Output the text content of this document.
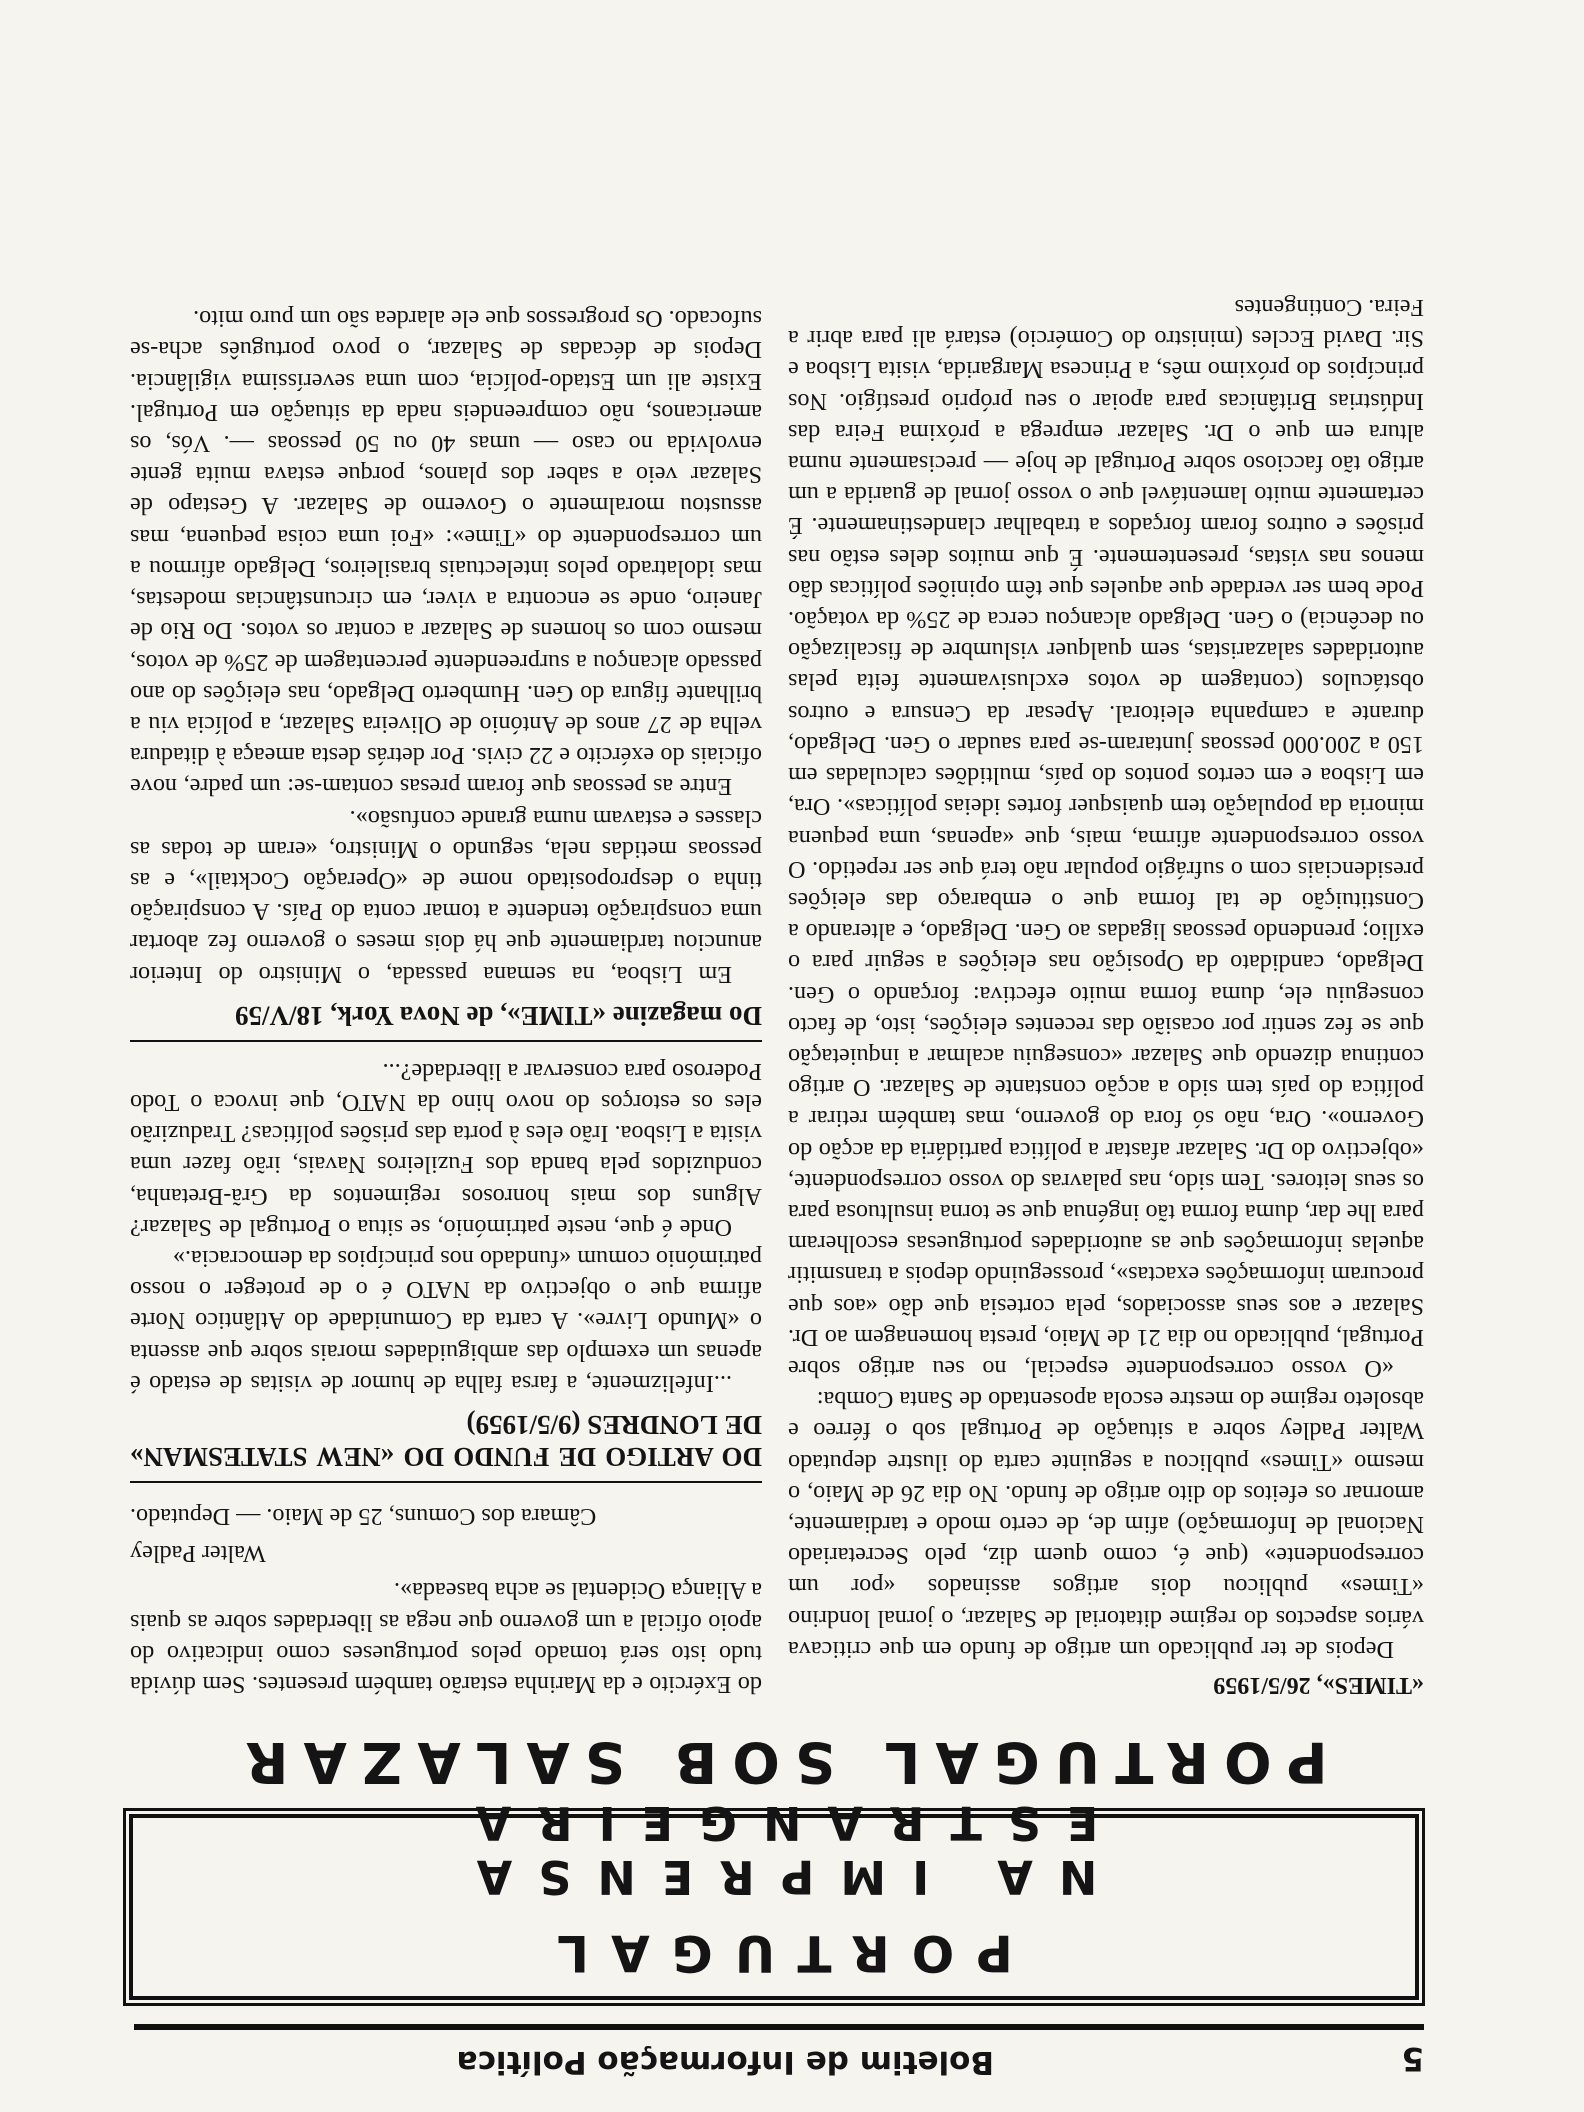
5
Boletim de Informação Política
PORTUGAL
NA IMPRENSA ESTRANGEIRA
PORTUGAL SOB SALAZAR

«TIMES», 26/5/1959

Depois de ter publicado um artigo de fundo em que criticava vários aspectos do regime ditatorial de Salazar, o jornal londrino «Times» publicou dois artigos assinados «por um correspondente» (que é, como quem diz, pelo Secretariado Nacional de Informação) afim de, de certo modo e tardiamente, amornar os efeitos do dito artigo de fundo. No dia 26 de Maio, o mesmo «Times» publicou a seguinte carta do ilustre deputado Walter Padley sobre a situação de Portugal sob o férreo e absoleto regime do mestre escola aposentado de Santa Comba:

«O vosso correspondente especial, no seu artigo sobre Portugal, publicado no dia 21 de Maio, presta homenagem ao Dr. Salazar e aos seus associados, pela cortesia que dão «aos que procuram informações exactas», prosseguindo depois a transmitir aquelas informações que as autoridades portuguesas escolheram para lhe dar, duma forma tão ingénua que se torna insultuosa para os seus leitores. Tem sido, nas palavras do vosso correspondente, «objectivo do Dr. Salazar afastar a política partidária da acção do Governo». Ora, não só fora do governo, mas também retirar a política do país tem sido a acção constante de Salazar. O artigo continua dizendo que Salazar «conseguiu acalmar a inquietação que se fez sentir por ocasião das recentes eleições, isto, de facto conseguiu ele, duma forma muito efectiva: forçando o Gen. Delgado, candidato da Oposição nas eleições a seguir para o exílio; prendendo pessoas ligadas ao Gen. Delgado, e alterando a Constituição de tal forma que o embaraço das eleições presidenciais com o sufrágio popular não terá que ser repetido. O vosso correspondente afirma, mais, que «apenas, uma pequena minoria da população tem quaisquer fortes ideias políticas». Ora, em Lisboa e em certos pontos do país, multidões calculadas em 150 a 200.000 pessoas juntaram-se para saudar o Gen. Delgado, durante a campanha eleitoral. Apesar da Censura e outros obstáculos (contagem de votos exclusivamente feita pelas autoridades salazaristas, sem qualquer vislumbre de fiscalização ou decência) o Gen. Delgado alcançou cerca de 25% da votação. Pode bem ser verdade que aqueles que têm opiniões políticas dão menos nas vistas, presentemente. É que muitos deles estão nas prisões e outros foram forçados a trabalhar clandestinamente. É certamente muito lamentável que o vosso jornal de guarida a um artigo tão faccioso sobre Portugal de hoje — precisamente numa altura em que o Dr. Salazar emprega a próxima Feira das Indústrias Britânicas para apoiar o seu próprio prestígio. Nos princípios do próximo mês, a Princesa Margarida, visita Lisboa e Sir. David Eccles (ministro do Comércio) estará ali para abrir a Feira. Contingentes

do Exército e da Marinha estarão também presentes. Sem dúvida tudo isto será tomado pelos portugueses como indicativo do apoio oficial a um governo que nega as liberdades sobre as quais a Aliança Ocidental se acha baseada».

Walter Padley

Câmara dos Comuns, 25 de Maio. — Deputado.

DO ARTIGO DE FUNDO DO «NEW STATESMAN» DE LONDRES (9/5/1959)

...Infelizmente, a farsa falha de humor de visitas de estado é apenas um exemplo das ambiguidades morais sobre que assenta o «Mundo Livre». A carta da Comunidade do Atlântico Norte afirma que o objectivo da NATO é o de proteger o nosso património comum «fundado nos princípios da democracia.»

Onde é que, neste património, se situa o Portugal de Salazar? Alguns dos mais honrosos regimentos da Grã-Bretanha, conduzidos pela banda dos Fuzileiros Navais, irão fazer uma visita a Lisboa. Irão eles à porta das prisões políticas? Traduzirão eles os estorços do novo hino da NATO, que invoca o Todo Poderoso para conservar a liberdade?...

Do magazine «TIME», de Nova York, 18/V/59

Em Lisboa, na semana passada, o Ministro do Interior anunciou tardiamente que há dois meses o governo fez abortar uma conspiração tendente a tomar conta do País. A conspiração tinha o despropositado nome de «Operação Cocktail», e as pessoas metidas nela, segundo o Ministro, «eram de todas as classes e estavam numa grande confusão».

Entre as pessoas que foram presas contam-se: um padre, nove oficiais do exército e 22 civis. Por detrás desta ameaça à ditadura velha de 27 anos de António de Oliveira Salazar, a polícia viu a brilhante figura do Gen. Humberto Delgado, nas eleições do ano passado alcançou a surpreendente percentagem de 25% de votos, mesmo com os homens de Salazar a contar os votos. Do Rio de Janeiro, onde se encontra a viver, em circunstâncias modestas, mas idolatrado pelos intelectuais brasileiros, Delgado afirmou a um correspondente do «Time»: «Foi uma coisa pequena, mas assustou moralmente o Governo de Salazar. A Gestapo de Salazar veio a saber dos planos, porque estava muita gente envolvida no caso — umas 40 ou 50 pessoas —. Vós, os americanos, não compreendeis nada da situação em Portugal. Existe ali um Estado-polícia, com uma severíssima vigilância. Depois de décadas de Salazar, o povo português acha-se sufocado. Os progressos que ele alardea são um puro mito.
